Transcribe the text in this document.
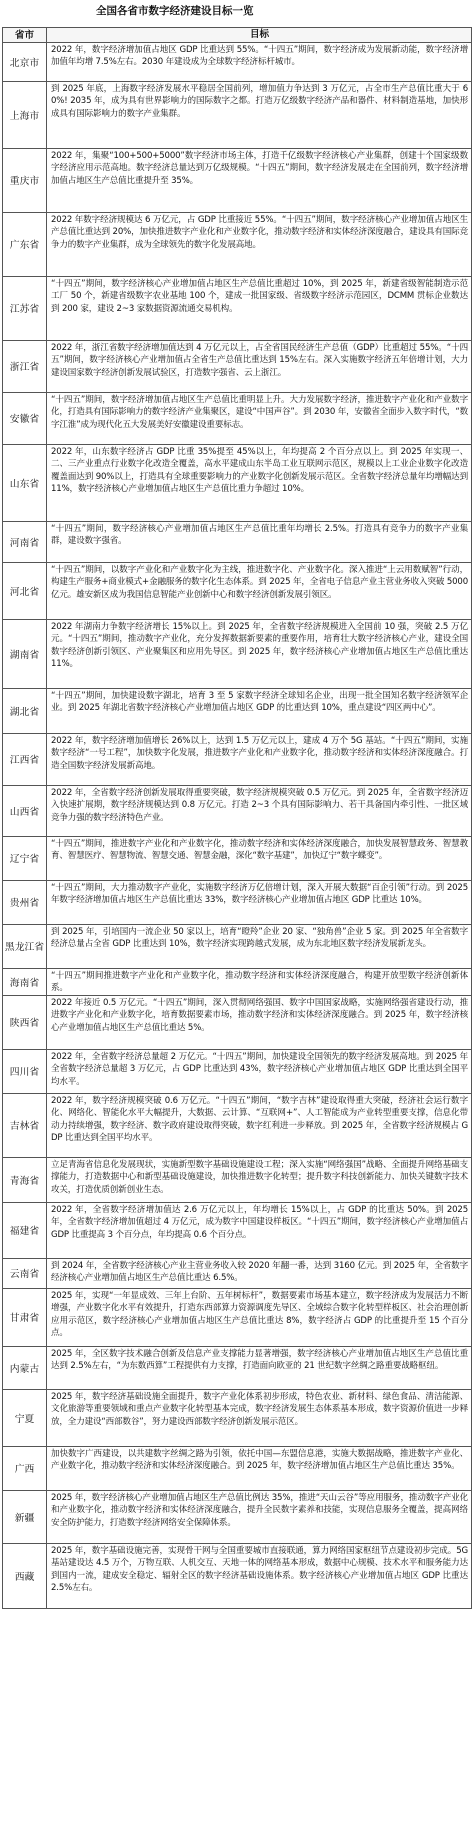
全国各省市数字经济建设目标一览
省市	目标
北京市
2022 年，数字经济增加值占地区 GDP 比重达到 55%。“十四五”期间，数字经济成为发展新动能，数字经济增加值年均增 7.5%左右。2030 年建设成为全球数字经济标杆城市。
上海市
到 2025 年底，上海数字经济发展水平稳居全国前列，增加值力争达到 3 万亿元，占全市生产总值比重大于 60%! 2035 年，成为具有世界影响力的国际数字之都。打造万亿级数字经济产品和器件、材料制造基地，加快形成具有国际影响力的数字产业集群。
重庆市
2022 年，集聚“100+500+5000”数字经济市场主体，打造千亿级数字经济核心产业集群，创建十个国家级数字经济应用示范高地。数字经济总量达到万亿级规模。“十四五”期间，数字经济发展走在全国前列，数字经济增加值占地区生产总值比重提升至 35%。
广东省
2022 年数字经济规模达 6 万亿元，占 GDP 比重接近 55%。“十四五”期间，数字经济核心产业增加值占地区生产总值比重达到 20%，加快推进数字产业化和产业数字化，推动数字经济和实体经济深度融合，建设具有国际竞争力的数字产业集群，成为全球领先的数字化发展高地。
江苏省
“十四五”期间，数字经济核心产业增加值占地区生产总值比重超过 10%，到 2025 年，新建省级智能制造示范工厂 50 个，新建省级数字农业基地 100 个，建成一批国家级、省级数字经济示范园区，DCMM 贯标企业数达到 200 家，建设 2~3 家数据资源流通交易机构。
浙江省
2022 年，浙江省数字经济增加值达到 4 万亿元以上，占全省国民经济生产总值（GDP）比重超过 55%。“十四五”期间，数字经济核心产业增加值占全省生产总值比重达到 15%左右。深入实施数字经济五年倍增计划，大力建设国家数字经济创新发展试验区，打造数字强省、云上浙江。
安徽省
“十四五”期间，数字经济增加值占地区生产总值比重明显上升。大力发展数字经济，推进数字产业化和产业数字化，打造具有国际影响力的数字经济产业集聚区，建设“中国声谷”。到 2030 年，安徽省全面步入数字时代，“数字江淮”成为现代化五大发展美好安徽建设重要标志。
山东省
2022 年，山东数字经济占 GDP 比重 35%提至 45%以上，年均提高 2 个百分点以上。到 2025 年实现一、二、三产业重点行业数字化改造全覆盖，高水平建成山东半岛工业互联网示范区，规模以上工业企业数字化改造覆盖面达到 90%以上，打造具有全球重要影响力的产业数字化创新发展示范区。全省数字经济总量年均增幅达到 11%，数字经济核心产业增加值占地区生产总值比重力争超过 10%。
河南省
“十四五”期间，数字经济核心产业增加值占地区生产总值比重年均增长 2.5%。打造具有竞争力的数字产业集群，建设数字强省。
河北省
“十四五”期间，以数字产业化和产业数字化为主线，推进数字化、产业数字化。深入推进“上云用数赋智”行动，构建生产服务+商业模式+金融服务的数字化生态体系。到 2025 年，全省电子信息产业主营业务收入突破 5000 亿元。雄安新区成为我国信息智能产业创新中心和数字经济创新发展引领区。
湖南省
2022 年湖南力争数字经济增长 15%以上。到 2025 年，全省数字经济规模进入全国前 10 强，突破 2.5 万亿元。“十四五”期间，推动数字产业化，充分发挥数据新要素的重要作用，培育壮大数字经济核心产业，建设全国数字经济创新引领区、产业聚集区和应用先导区。到 2025 年，数字经济核心产业增加值占地区生产总值比重达 11%。
湖北省
“十四五”期间，加快建设数字湖北，培育 3 至 5 家数字经济全球知名企业，出现一批全国知名数字经济领军企业。到 2025 年湖北省数字经济核心产业增加值占地区 GDP 的比重达到 10%，重点建设“四区两中心”。
江西省
2022 年，数字经济增加值增长 26%以上，达到 1.5 万亿元以上，建成 4 万个 5G 基站。“十四五”期间，实施数字经济“一号工程”，加快数字化发展，推进数字产业化和产业数字化，推动数字经济和实体经济深度融合。打造全国数字经济发展新高地。
山西省
2022 年，全省数字经济创新发展取得重要突破，数字经济规模突破 0.5 万亿元。到 2025 年，全省数字经济迈入快速扩展期，数字经济规模达到 0.8 万亿元。打造 2~3 个具有国际影响力、若干具备国内牵引性、一批区域竞争力强的数字经济特色产业。
辽宁省
“十四五”期间，推进数字产业化和产业数字化，推动数字经济和实体经济深度融合，加快发展智慧政务、智慧教育、智慧医疗、智慧物流、智慧交通、智慧金融，深化“数字基建”，加快辽宁“数字蝶变”。
贵州省
“十四五”期间，大力推动数字产业化，实施数字经济万亿倍增计划，深入开展大数据“百企引领”行动。到 2025 年数字经济增加值占地区生产总值比重达 33%，数字经济核心产业增加值占地区 GDP 比重达 10%。
黑龙江省
到 2025 年，引培国内一流企业 50 家以上，培育“瞪羚”企业 20 家、“独角兽”企业 5 家。到 2025 年全省数字经济总量占全省 GDP 比重达到 10%，数字经济实现跨越式发展，成为东北地区数字经济发展新龙头。
海南省
“十四五”期间推进数字产业化和产业数字化，推动数字经济和实体经济深度融合，构建开放型数字经济创新体系。
陕西省
2022 年接近 0.5 万亿元。“十四五”期间，深入贯彻网络强国、数字中国国家战略，实施网络强省建设行动，推进数字产业化和产业数字化，培育数据要素市场，推动数字经济和实体经济深度融合。到 2025 年，数字经济核心产业增加值占地区生产总值比重达 5%。
四川省
2022 年，全省数字经济总量超 2 万亿元。“十四五”期间，加快建设全国领先的数字经济发展高地。到 2025 年全省数字经济总量超 3 万亿元，占 GDP 比重达到 43%，数字经济核心产业增加值占地区 GDP 比重达到全国平均水平。
吉林省
2022 年，数字经济规模突破 0.6 万亿元。“十四五”期间，“数字吉林”建设取得重大突破，经济社会运行数字化、网络化、智能化水平大幅提升，大数据、云计算、“互联网+”、人工智能成为产业转型重要支撑，信息化带动力持续增强，数字经济、数字政府建设取得突破，数字红利进一步释放。到 2025 年，全省数字经济规模占 GDP 比重达到全国平均水平。
青海省
立足青海省信息化发展现状，实施新型数字基础设施建设工程；深入实施“网络强国”战略、全面提升网络基础支撑能力，打造数据中心和新型基础设施建设，加快推进数字化转型；提升数字科技创新能力、加快关键数字技术攻关，打造优质创新创业生态。
福建省
2022 年，全省数字经济增加值达 2.6 万亿元以上，年均增长 15%以上，占 GDP 的比重达 50%。到 2025 年，全省数字经济增加值超过 4 万亿元，成为数字中国建设样板区。“十四五”期间，数字经济核心产业增加值占 GDP 比重提高 3 个百分点，年均提高 0.6 个百分点。
云南省
到 2024 年，全省数字经济核心产业主营业务收入较 2020 年翻一番，达到 3160 亿元。到 2025 年，全省数字经济核心产业增加值占地区生产总值比重达 6.5%。
甘肃省
2025 年，实现“一年显成效、三年上台阶、五年树标杆”，数据要素市场基本建立，数字经济成为发展活力不断增强，产业数字化水平有效提升，打造东西部算力资源调度先导区、全域综合数字化转型样板区、社会治理创新应用示范区，数字经济核心产业增加值占地区生产总值比重达 8%，数字经济占 GDP 的比重提升至 15 个百分点。
内蒙古
2025 年，全区数字技术融合创新及信息产业支撑能力显著增强，数字经济核心产业增加值占地区生产总值比重达到 2.5%左右，“为东数西算”工程提供有力支撑，打造面向欧亚的 21 世纪数字丝绸之路重要战略枢纽。
宁夏
2025 年，数字经济基础设施全面提升，数字产业化体系初步形成，特色农业、新材料、绿色食品、清洁能源、文化旅游等重要领域和重点产业数字化转型基本完成，数字经济发展生态体系基本形成，数字资源价值进一步释放，全力建设“西部数谷”，努力建设西部数字经济创新发展示范区。
广西
加快数字广西建设，以共建数字丝绸之路为引领，依托中国—东盟信息港，实施大数据战略，推进数字产业化、产业数字化，推动数字经济和实体经济深度融合。到 2025 年，数字经济增加值占地区生产总值比重达 35%。
新疆
2025 年，数字经济核心产业增加值占地区生产总值比例达 35%，推进“天山云谷”等应用服务，推动数字产业化和产业数字化，推动数字经济和实体经济深度融合，提升全民数字素养和技能，实现信息服务全覆盖，提高网络安全防护能力，打造数字经济网络安全保障体系。
西藏
2025 年，数字基础设施完善，实现骨干网与全国重要城市直接联通，算力网络国家枢纽节点建设初步完成。5G 基站建设达 4.5 万个，万物互联、人机交互、天地一体的网络基本形成，数据中心规模、技术水平和服务能力达到国内一流，建成安全稳定、辐射全区的数字经济基础设施体系。数字经济核心产业增加值占地区 GDP 比重达 2.5%左右。
